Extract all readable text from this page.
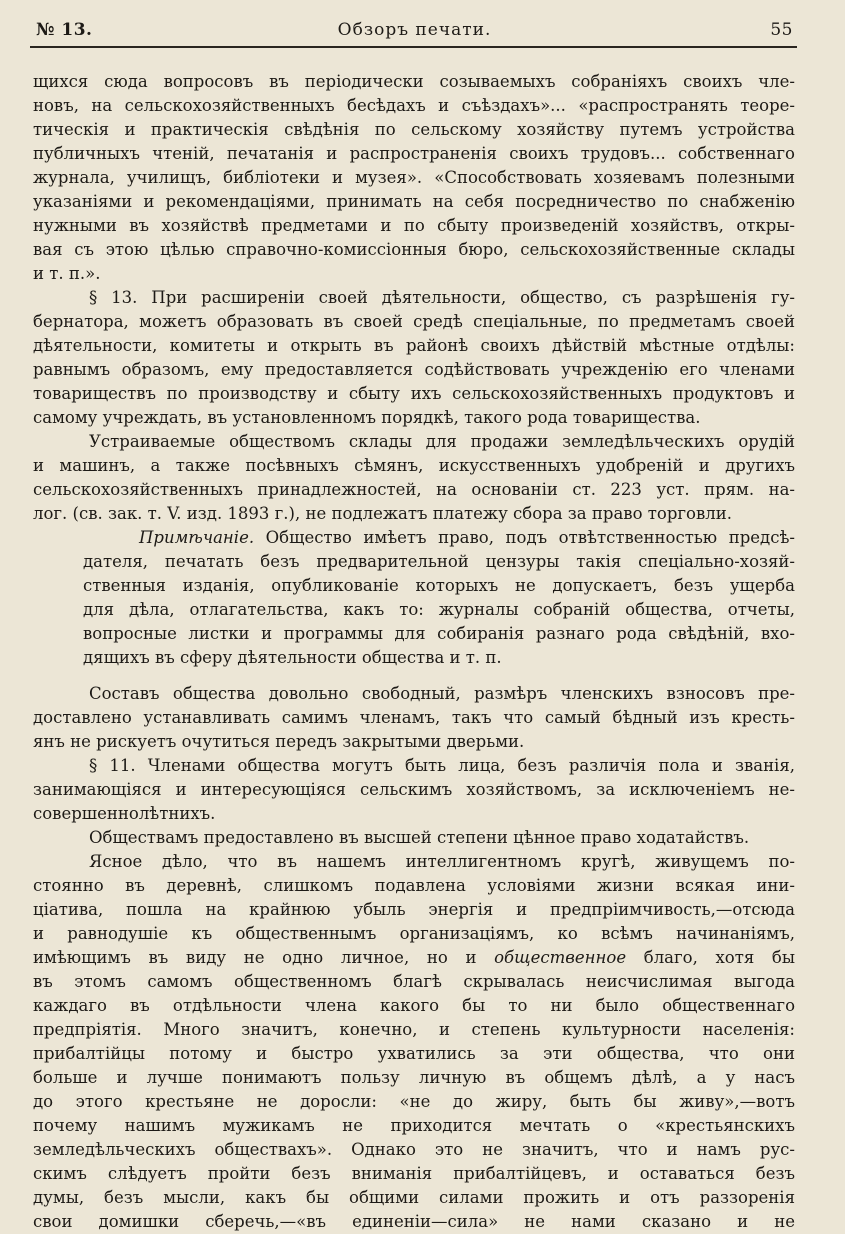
№ 13.	Обзоръ печати.	55
щихся сюда вопросовъ въ періодически созываемыхъ собраніяхъ своихъ чле-
новъ, на сельскохозяйственныхъ бесѣдахъ и съѣздахъ»... «распространять теоре-
тическія и практическія свѣдѣнія по сельскому хозяйству путемъ устройства
публичныхъ чтеній, печатанія и распространенія своихъ трудовъ... собственнаго
журнала, училищъ, библіотеки и музея». «Способствовать хозяевамъ полезными
указаніями и рекомендаціями, принимать на себя посредничество по снабженію
нужными въ хозяйствѣ предметами и по сбыту произведеній хозяйствъ, откры-
вая съ этою цѣлью справочно-комиссіонныя бюро, сельскохозяйственные склады
и т. п.».
§ 13. При расширеніи своей дѣятельности, общество, съ разрѣшенія гу-
бернатора, можетъ образовать въ своей средѣ спеціальные, по предметамъ своей
дѣятельности, комитеты и открыть въ районѣ своихъ дѣйствій мѣстные отдѣлы:
равнымъ образомъ, ему предоставляется содѣйствовать учрежденію его членами
товариществъ по производству и сбыту ихъ сельскохозяйственныхъ продуктовъ и
самому учреждать, въ установленномъ порядкѣ, такого рода товарищества.
Устраиваемые обществомъ склады для продажи земледѣльческихъ орудій
и машинъ, а также посѣвныхъ сѣмянъ, искусственныхъ удобреній и другихъ
сельскохозяйственныхъ принадлежностей, на основаніи ст. 223 уст. прям. на-
лог. (св. зак. т. V. изд. 1893 г.), не подлежатъ платежу сбора за право торговли.
Примѣчаніе. Общество имѣетъ право, подъ отвѣтственностью предсѣ-
дателя, печатать безъ предварительной цензуры такія спеціально-хозяй-
ственныя изданія, опубликованіе которыхъ не допускаетъ, безъ ущерба
для дѣла, отлагательства, какъ то: журналы собраній общества, отчеты,
вопросные листки и программы для собиранія разнаго рода свѣдѣній, вхо-
дящихъ въ сферу дѣятельности общества и т. п.
Составъ общества довольно свободный, размѣръ членскихъ взносовъ пре-
доставлено устанавливать самимъ членамъ, такъ что самый бѣдный изъ кресть-
янъ не рискуетъ очутиться передъ закрытыми дверьми.
§ 11. Членами общества могутъ быть лица, безъ различія пола и званія,
занимающіяся и интересующіяся сельскимъ хозяйствомъ, за исключеніемъ не-
совершеннолѣтнихъ.
Обществамъ предоставлено въ высшей степени цѣнное право ходатайствъ.
Ясное дѣло, что въ нашемъ интеллигентномъ кругѣ, живущемъ по-
стоянно въ деревнѣ, слишкомъ подавлена условіями жизни всякая ини-
ціатива, пошла на крайнюю убыль энергія и предпріимчивость,—отсюда
и равнодушіе къ общественнымъ организаціямъ, ко всѣмъ начинаніямъ,
имѣющимъ въ виду не одно личное, но и общественное благо, хотя бы
въ этомъ самомъ общественномъ благѣ скрывалась неисчислимая выгода
каждаго въ отдѣльности члена какого бы то ни было общественнаго
предпріятія. Много значитъ, конечно, и степень культурности населенія:
прибалтійцы потому и быстро ухватились за эти общества, что они
больше и лучше понимаютъ пользу личную въ общемъ дѣлѣ, а у насъ
до этого крестьяне не доросли: «не до жиру, быть бы живу»,—вотъ
почему нашимъ мужикамъ не приходится мечтать о «крестьянскихъ
земледѣльческихъ обществахъ». Однако это не значитъ, что и намъ рус-
скимъ слѣдуетъ пройти безъ вниманія прибалтійцевъ, и оставаться безъ
думы, безъ мысли, какъ бы общими силами прожить и отъ раззоренія
свои домишки сберечь,—«въ единеніи—сила» не нами сказано и не
